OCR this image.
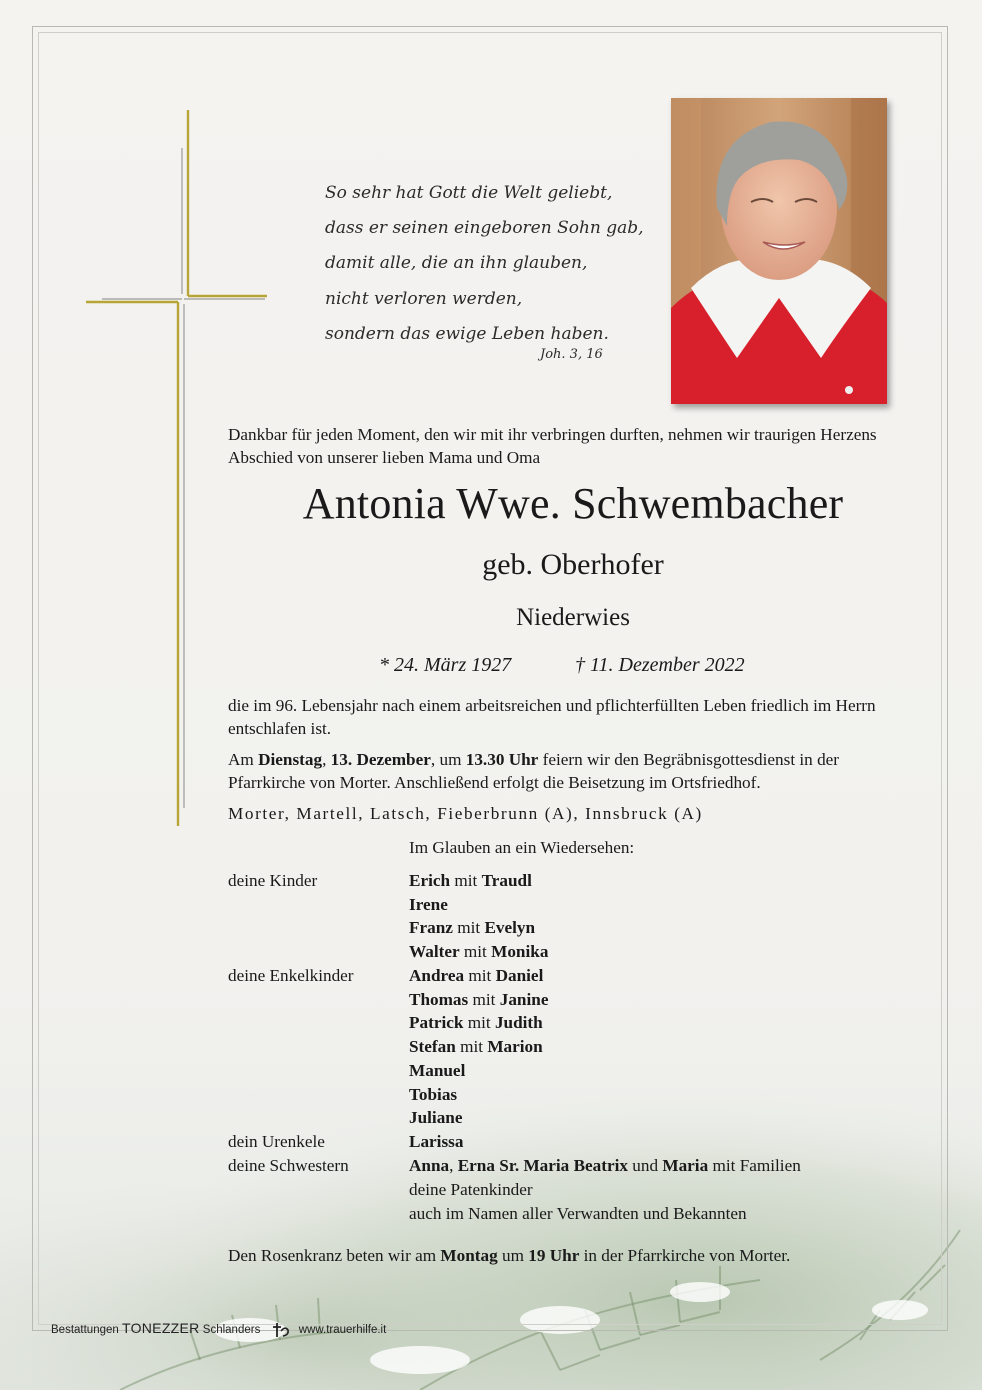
So sehr hat Gott die Welt geliebt,
dass er seinen eingeboren Sohn gab,
damit alle, die an ihn glauben,
nicht verloren werden,
sondern das ewige Leben haben.
Joh. 3, 16
Dankbar für jeden Moment, den wir mit ihr verbringen durften, nehmen wir traurigen Herzens Abschied von unserer lieben Mama und Oma
Antonia Wwe. Schwembacher
geb. Oberhofer
Niederwies
* 24. März 1927	† 11. Dezember 2022
die im 96. Lebensjahr nach einem arbeitsreichen und pflichterfüllten Leben friedlich im Herrn entschlafen ist.
Am Dienstag, 13. Dezember, um 13.30 Uhr feiern wir den Begräbnisgottesdienst in der Pfarrkirche von Morter. Anschließend erfolgt die Beisetzung im Ortsfriedhof.
Morter, Martell, Latsch, Fieberbrunn (A), Innsbruck (A)
Im Glauben an ein Wiedersehen:
deine Kinder	Erich mit Traudl
Irene
Franz mit Evelyn
Walter mit Monika
deine Enkelkinder	Andrea mit Daniel
Thomas mit Janine
Patrick mit Judith
Stefan mit Marion
Manuel
Tobias
Juliane
dein Urenkele	Larissa
deine Schwestern	Anna, Erna Sr. Maria Beatrix und Maria mit Familien
deine Patenkinder
auch im Namen aller Verwandten und Bekannten
Den Rosenkranz beten wir am Montag um 19 Uhr in der Pfarrkirche von Morter.
Bestattungen TONEZZER Schlanders	www.trauerhilfe.it
